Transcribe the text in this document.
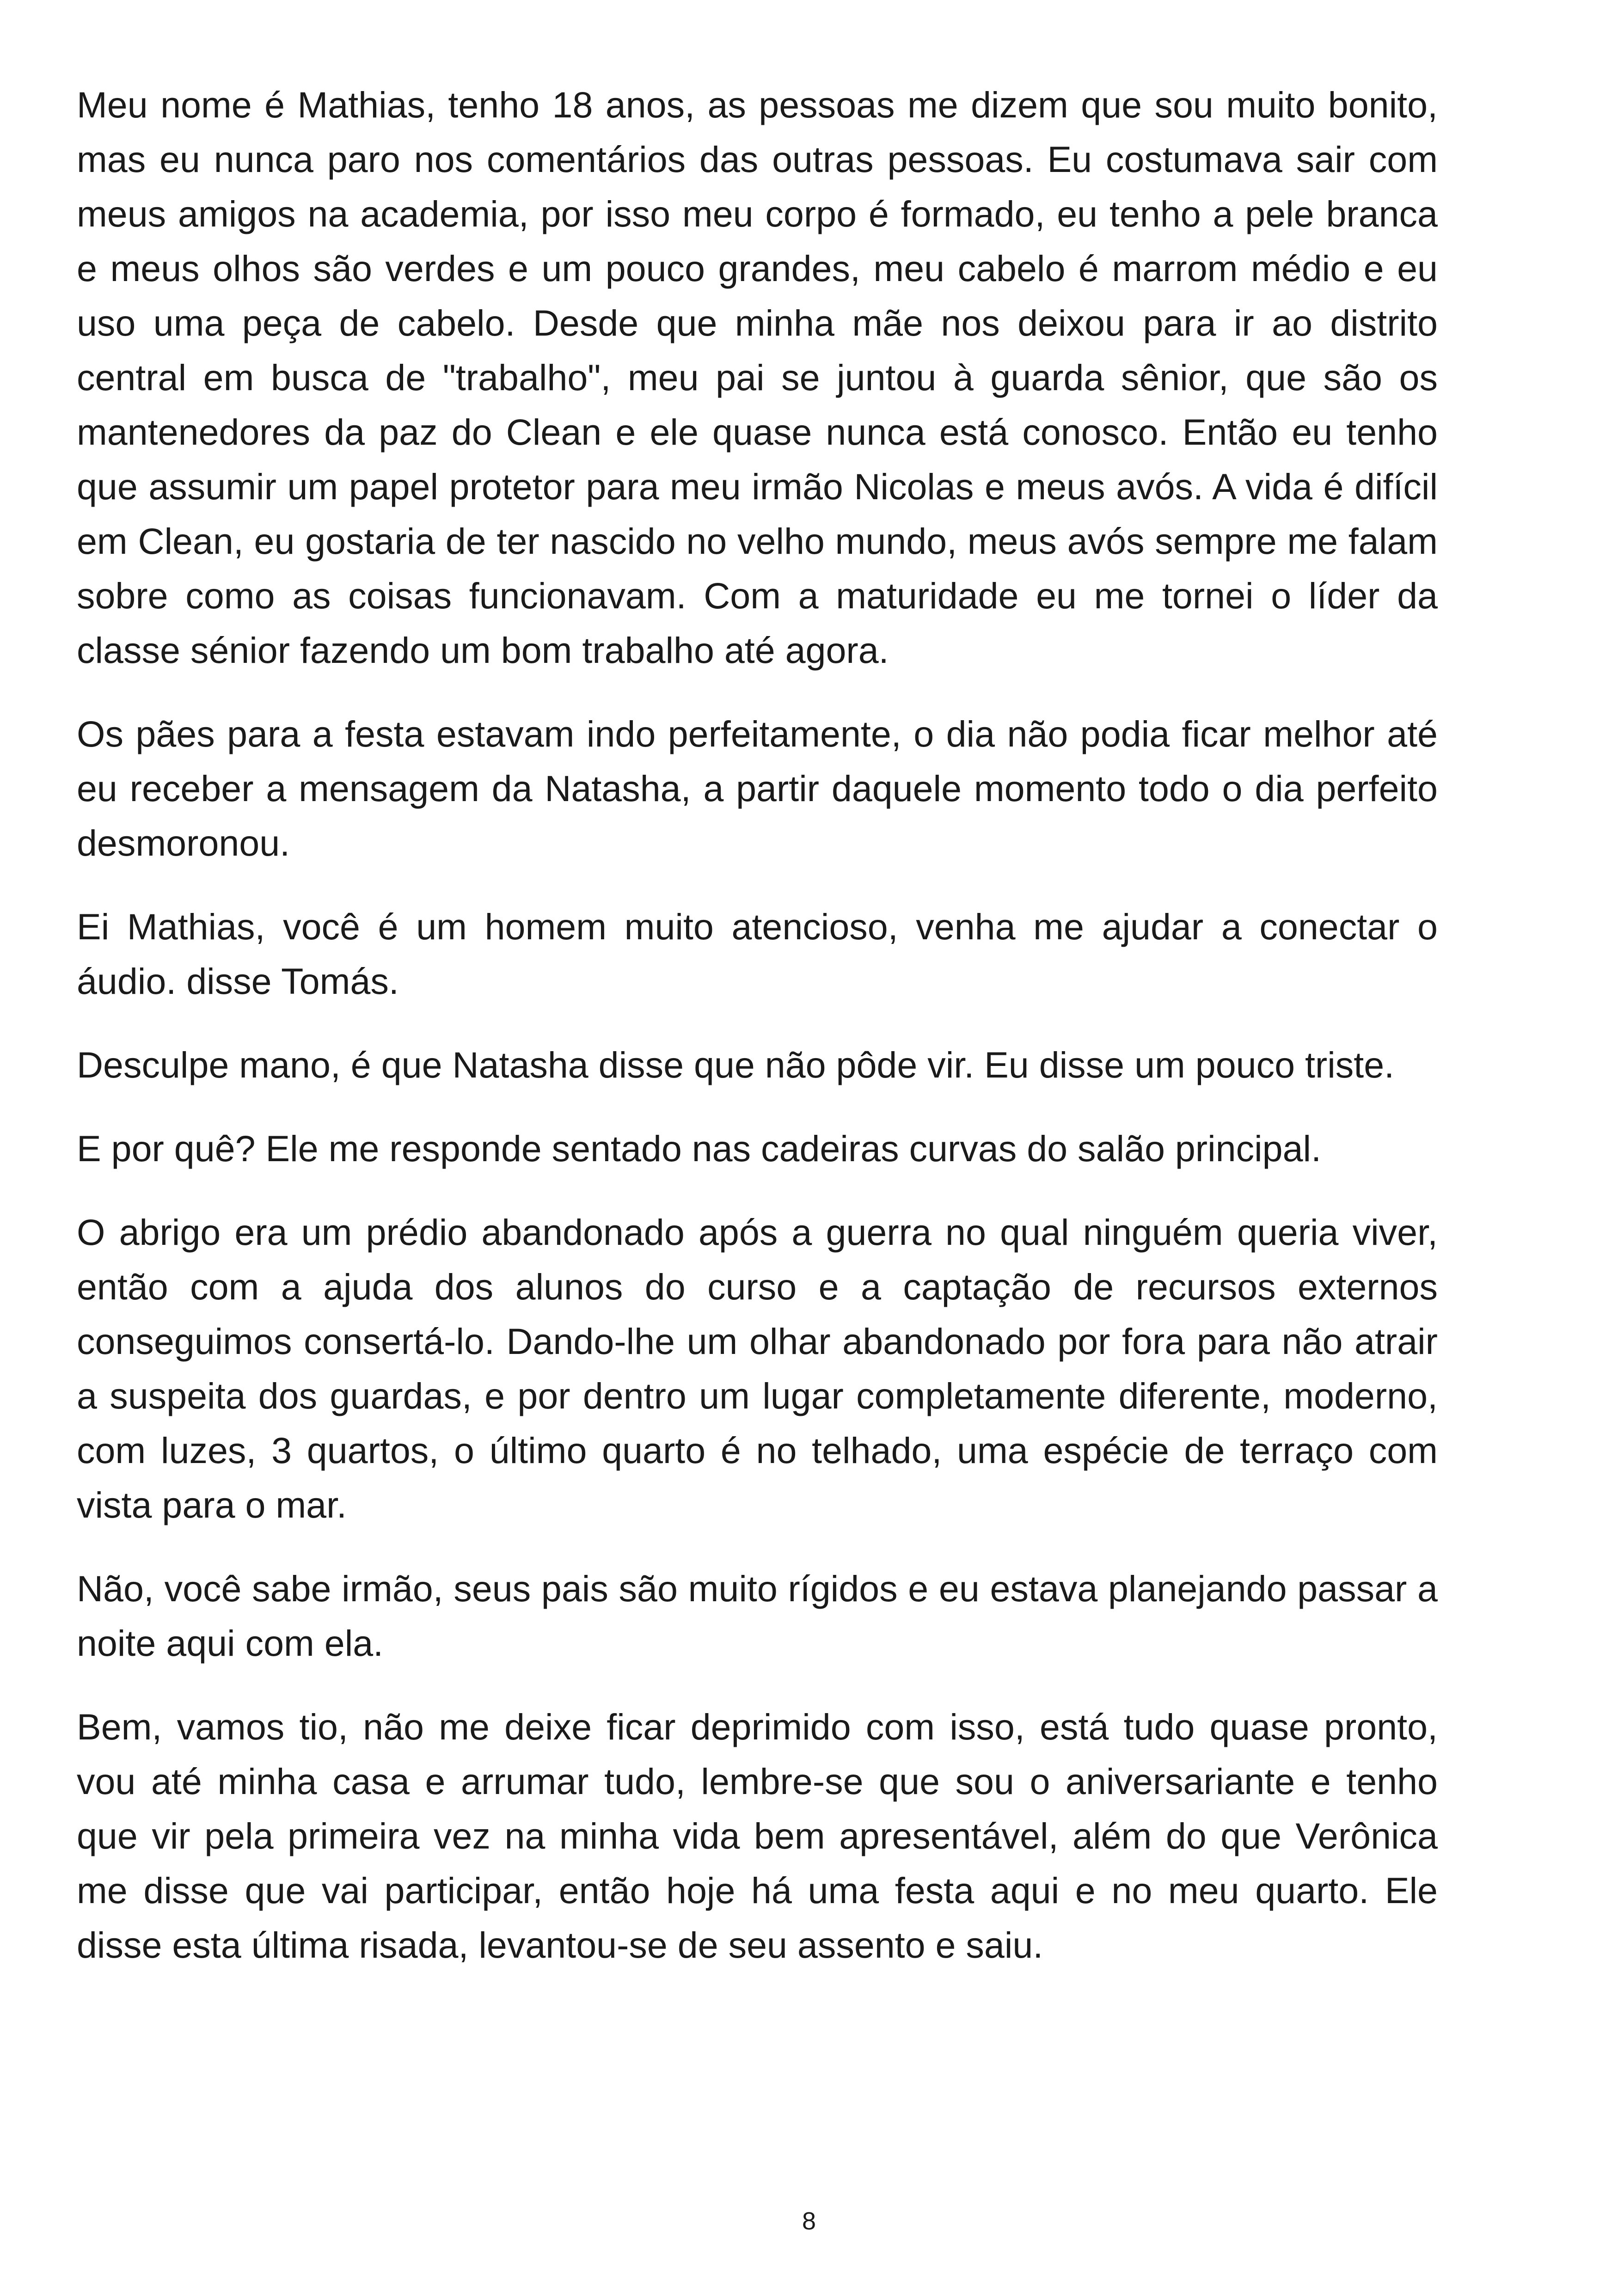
Meu nome é Mathias, tenho 18 anos, as pessoas me dizem que sou muito bonito, mas eu nunca paro nos comentários das outras pessoas. Eu costumava sair com meus amigos na academia, por isso meu corpo é formado, eu tenho a pele branca e meus olhos são verdes e um pouco grandes, meu cabelo é marrom médio e eu uso uma peça de cabelo. Desde que minha mãe nos deixou para ir ao distrito central em busca de "trabalho", meu pai se juntou à guarda sênior, que são os mantenedores da paz do Clean e ele quase nunca está conosco. Então eu tenho que assumir um papel protetor para meu irmão Nicolas e meus avós. A vida é difícil em Clean, eu gostaria de ter nascido no velho mundo, meus avós sempre me falam sobre como as coisas funcionavam. Com a maturidade eu me tornei o líder da classe sénior fazendo um bom trabalho até agora.

Os pães para a festa estavam indo perfeitamente, o dia não podia ficar melhor até eu receber a mensagem da Natasha, a partir daquele momento todo o dia perfeito desmoronou.

Ei Mathias, você é um homem muito atencioso, venha me ajudar a conectar o áudio. disse Tomás.

Desculpe mano, é que Natasha disse que não pôde vir. Eu disse um pouco triste.

E por quê? Ele me responde sentado nas cadeiras curvas do salão principal.

O abrigo era um prédio abandonado após a guerra no qual ninguém queria viver, então com a ajuda dos alunos do curso e a captação de recursos externos conseguimos consertá-lo. Dando-lhe um olhar abandonado por fora para não atrair a suspeita dos guardas, e por dentro um lugar completamente diferente, moderno, com luzes, 3 quartos, o último quarto é no telhado, uma espécie de terraço com vista para o mar.

Não, você sabe irmão, seus pais são muito rígidos e eu estava planejando passar a noite aqui com ela.

Bem, vamos tio, não me deixe ficar deprimido com isso, está tudo quase pronto, vou até minha casa e arrumar tudo, lembre-se que sou o aniversariante e tenho que vir pela primeira vez na minha vida bem apresentável, além do que Verônica me disse que vai participar, então hoje há uma festa aqui e no meu quarto. Ele disse esta última risada, levantou-se de seu assento e saiu.

8
